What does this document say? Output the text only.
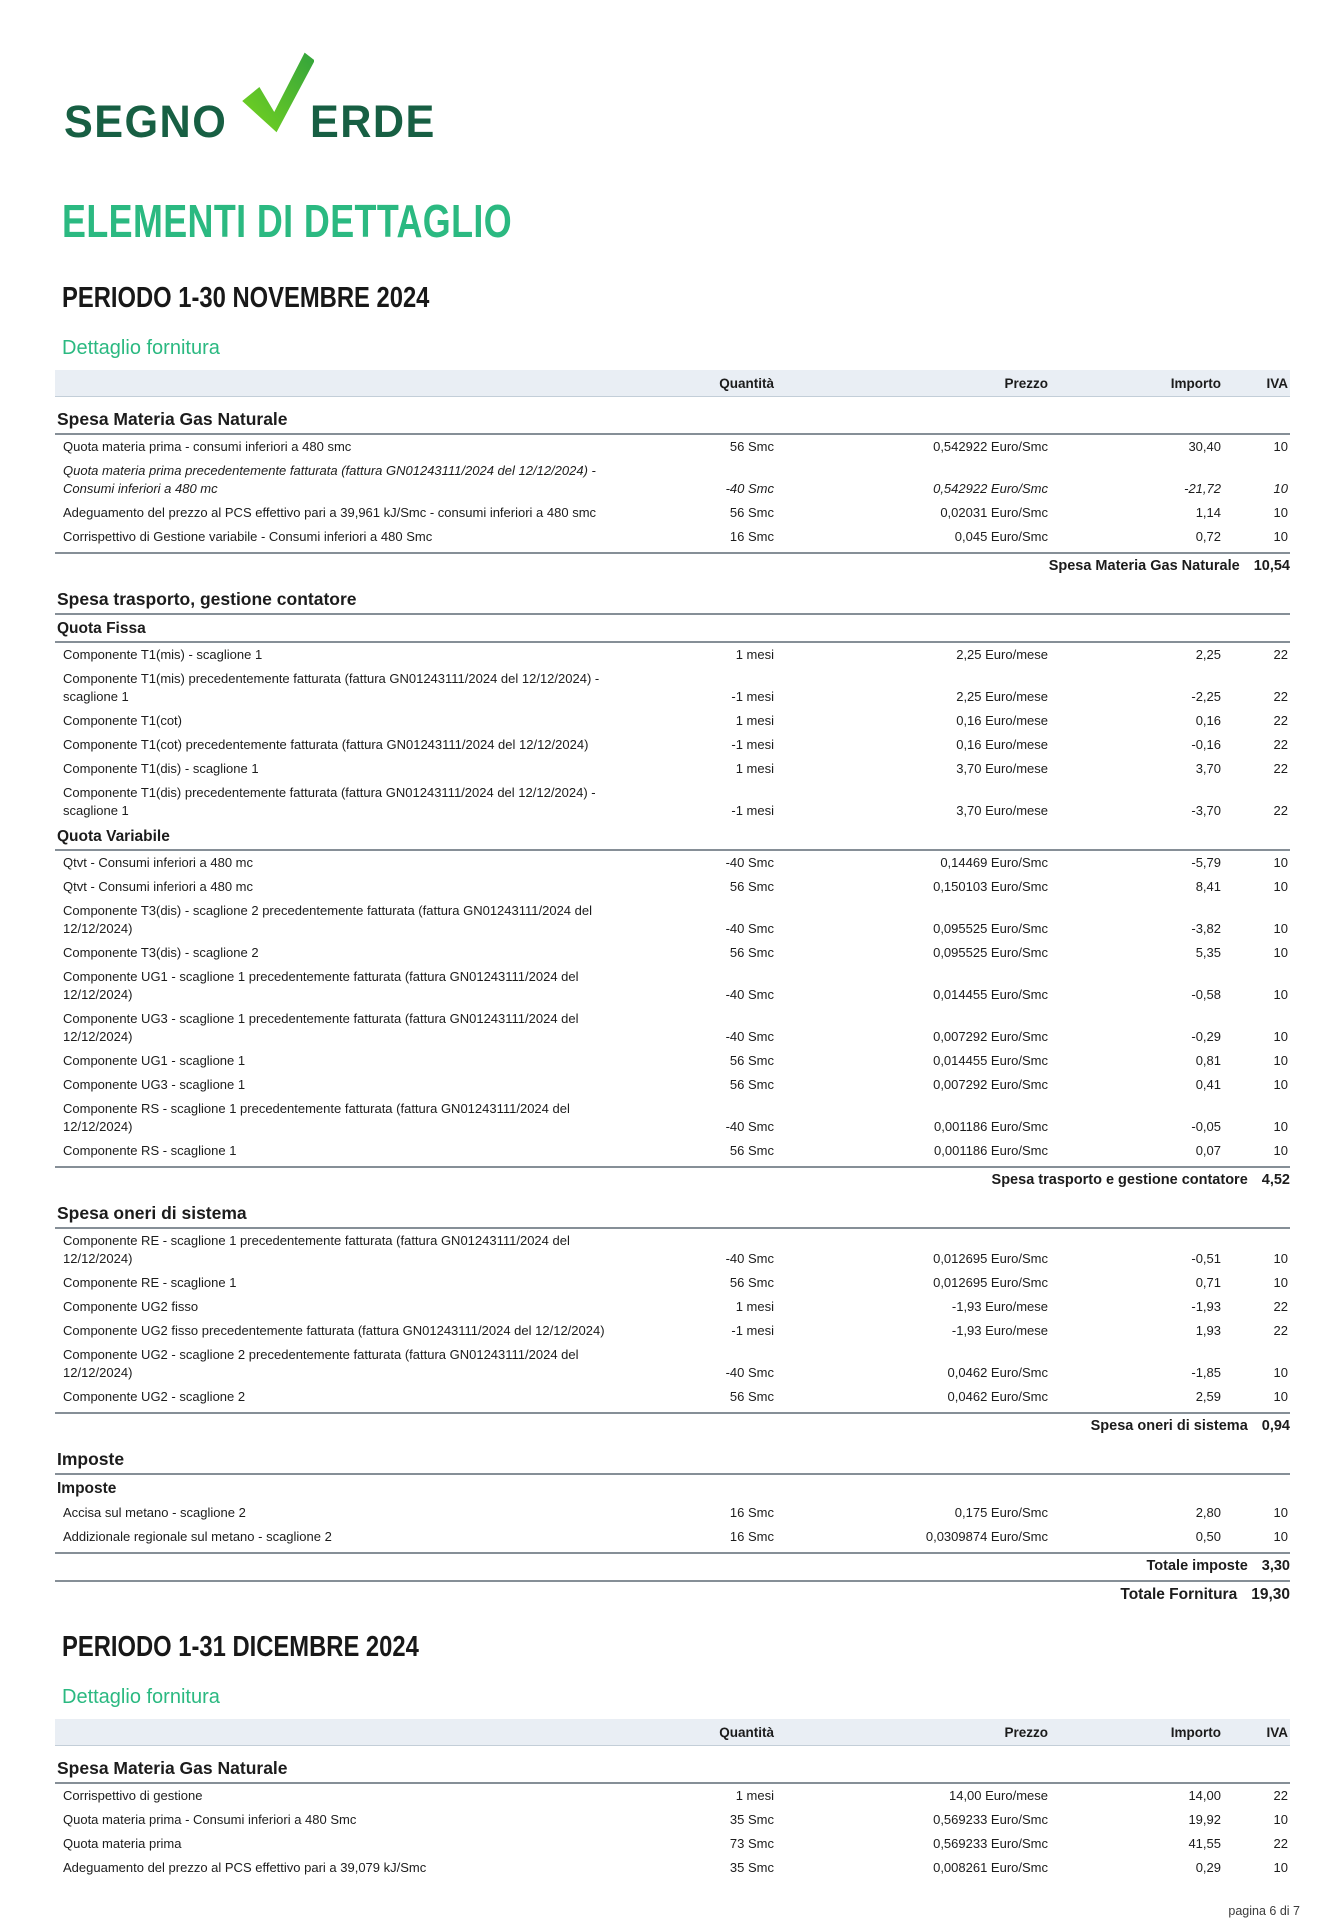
SEGNO ERDE
ELEMENTI DI DETTAGLIO
PERIODO 1-30 NOVEMBRE 2024
Dettaglio fornitura
Quantità	Prezzo	Importo	IVA
Spesa Materia Gas Naturale
Quota materia prima - consumi inferiori a 480 smc	56 Smc	0,542922 Euro/Smc	30,40	10
Quota materia prima precedentemente fatturata (fattura GN01243111/2024 del 12/12/2024) - Consumi inferiori a 480 mc	-40 Smc	0,542922 Euro/Smc	-21,72	10
Adeguamento del prezzo al PCS effettivo pari a 39,961 kJ/Smc - consumi inferiori a 480 smc	56 Smc	0,02031 Euro/Smc	1,14	10
Corrispettivo di Gestione variabile - Consumi inferiori a 480 Smc	16 Smc	0,045 Euro/Smc	0,72	10
Spesa Materia Gas Naturale 10,54
Spesa trasporto, gestione contatore
Quota Fissa
Componente T1(mis) - scaglione 1	1 mesi	2,25 Euro/mese	2,25	22
Componente T1(mis) precedentemente fatturata (fattura GN01243111/2024 del 12/12/2024) - scaglione 1	-1 mesi	2,25 Euro/mese	-2,25	22
Componente T1(cot)	1 mesi	0,16 Euro/mese	0,16	22
Componente T1(cot) precedentemente fatturata (fattura GN01243111/2024 del 12/12/2024)	-1 mesi	0,16 Euro/mese	-0,16	22
Componente T1(dis) - scaglione 1	1 mesi	3,70 Euro/mese	3,70	22
Componente T1(dis) precedentemente fatturata (fattura GN01243111/2024 del 12/12/2024) - scaglione 1	-1 mesi	3,70 Euro/mese	-3,70	22
Quota Variabile
Qtvt - Consumi inferiori a 480 mc	-40 Smc	0,14469 Euro/Smc	-5,79	10
Qtvt - Consumi inferiori a 480 mc	56 Smc	0,150103 Euro/Smc	8,41	10
Componente T3(dis) - scaglione 2 precedentemente fatturata (fattura GN01243111/2024 del 12/12/2024)	-40 Smc	0,095525 Euro/Smc	-3,82	10
Componente T3(dis) - scaglione 2	56 Smc	0,095525 Euro/Smc	5,35	10
Componente UG1 - scaglione 1 precedentemente fatturata (fattura GN01243111/2024 del 12/12/2024)	-40 Smc	0,014455 Euro/Smc	-0,58	10
Componente UG3 - scaglione 1 precedentemente fatturata (fattura GN01243111/2024 del 12/12/2024)	-40 Smc	0,007292 Euro/Smc	-0,29	10
Componente UG1 - scaglione 1	56 Smc	0,014455 Euro/Smc	0,81	10
Componente UG3 - scaglione 1	56 Smc	0,007292 Euro/Smc	0,41	10
Componente RS - scaglione 1 precedentemente fatturata (fattura GN01243111/2024 del 12/12/2024)	-40 Smc	0,001186 Euro/Smc	-0,05	10
Componente RS - scaglione 1	56 Smc	0,001186 Euro/Smc	0,07	10
Spesa trasporto e gestione contatore 4,52
Spesa oneri di sistema
Componente RE - scaglione 1 precedentemente fatturata (fattura GN01243111/2024 del 12/12/2024)	-40 Smc	0,012695 Euro/Smc	-0,51	10
Componente RE - scaglione 1	56 Smc	0,012695 Euro/Smc	0,71	10
Componente UG2 fisso	1 mesi	-1,93 Euro/mese	-1,93	22
Componente UG2 fisso precedentemente fatturata (fattura GN01243111/2024 del 12/12/2024)	-1 mesi	-1,93 Euro/mese	1,93	22
Componente UG2 - scaglione 2 precedentemente fatturata (fattura GN01243111/2024 del 12/12/2024)	-40 Smc	0,0462 Euro/Smc	-1,85	10
Componente UG2 - scaglione 2	56 Smc	0,0462 Euro/Smc	2,59	10
Spesa oneri di sistema 0,94
Imposte
Imposte
Accisa sul metano - scaglione 2	16 Smc	0,175 Euro/Smc	2,80	10
Addizionale regionale sul metano - scaglione 2	16 Smc	0,0309874 Euro/Smc	0,50	10
Totale imposte 3,30
Totale Fornitura 19,30
PERIODO 1-31 DICEMBRE 2024
Dettaglio fornitura
Quantità	Prezzo	Importo	IVA
Spesa Materia Gas Naturale
Corrispettivo di gestione	1 mesi	14,00 Euro/mese	14,00	22
Quota materia prima - Consumi inferiori a 480 Smc	35 Smc	0,569233 Euro/Smc	19,92	10
Quota materia prima	73 Smc	0,569233 Euro/Smc	41,55	22
Adeguamento del prezzo al PCS effettivo pari a 39,079 kJ/Smc	35 Smc	0,008261 Euro/Smc	0,29	10
pagina 6 di 7
